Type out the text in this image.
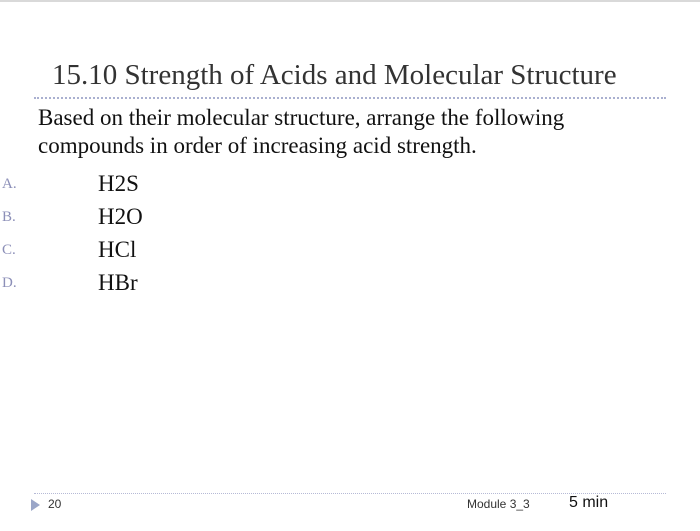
15.10 Strength of Acids and Molecular Structure
Based on their molecular structure, arrange the following
compounds in order of increasing acid strength.
A.	H2S
B.	H2O
C.	HCl
D.	HBr
20	Module 3_3 5 min
